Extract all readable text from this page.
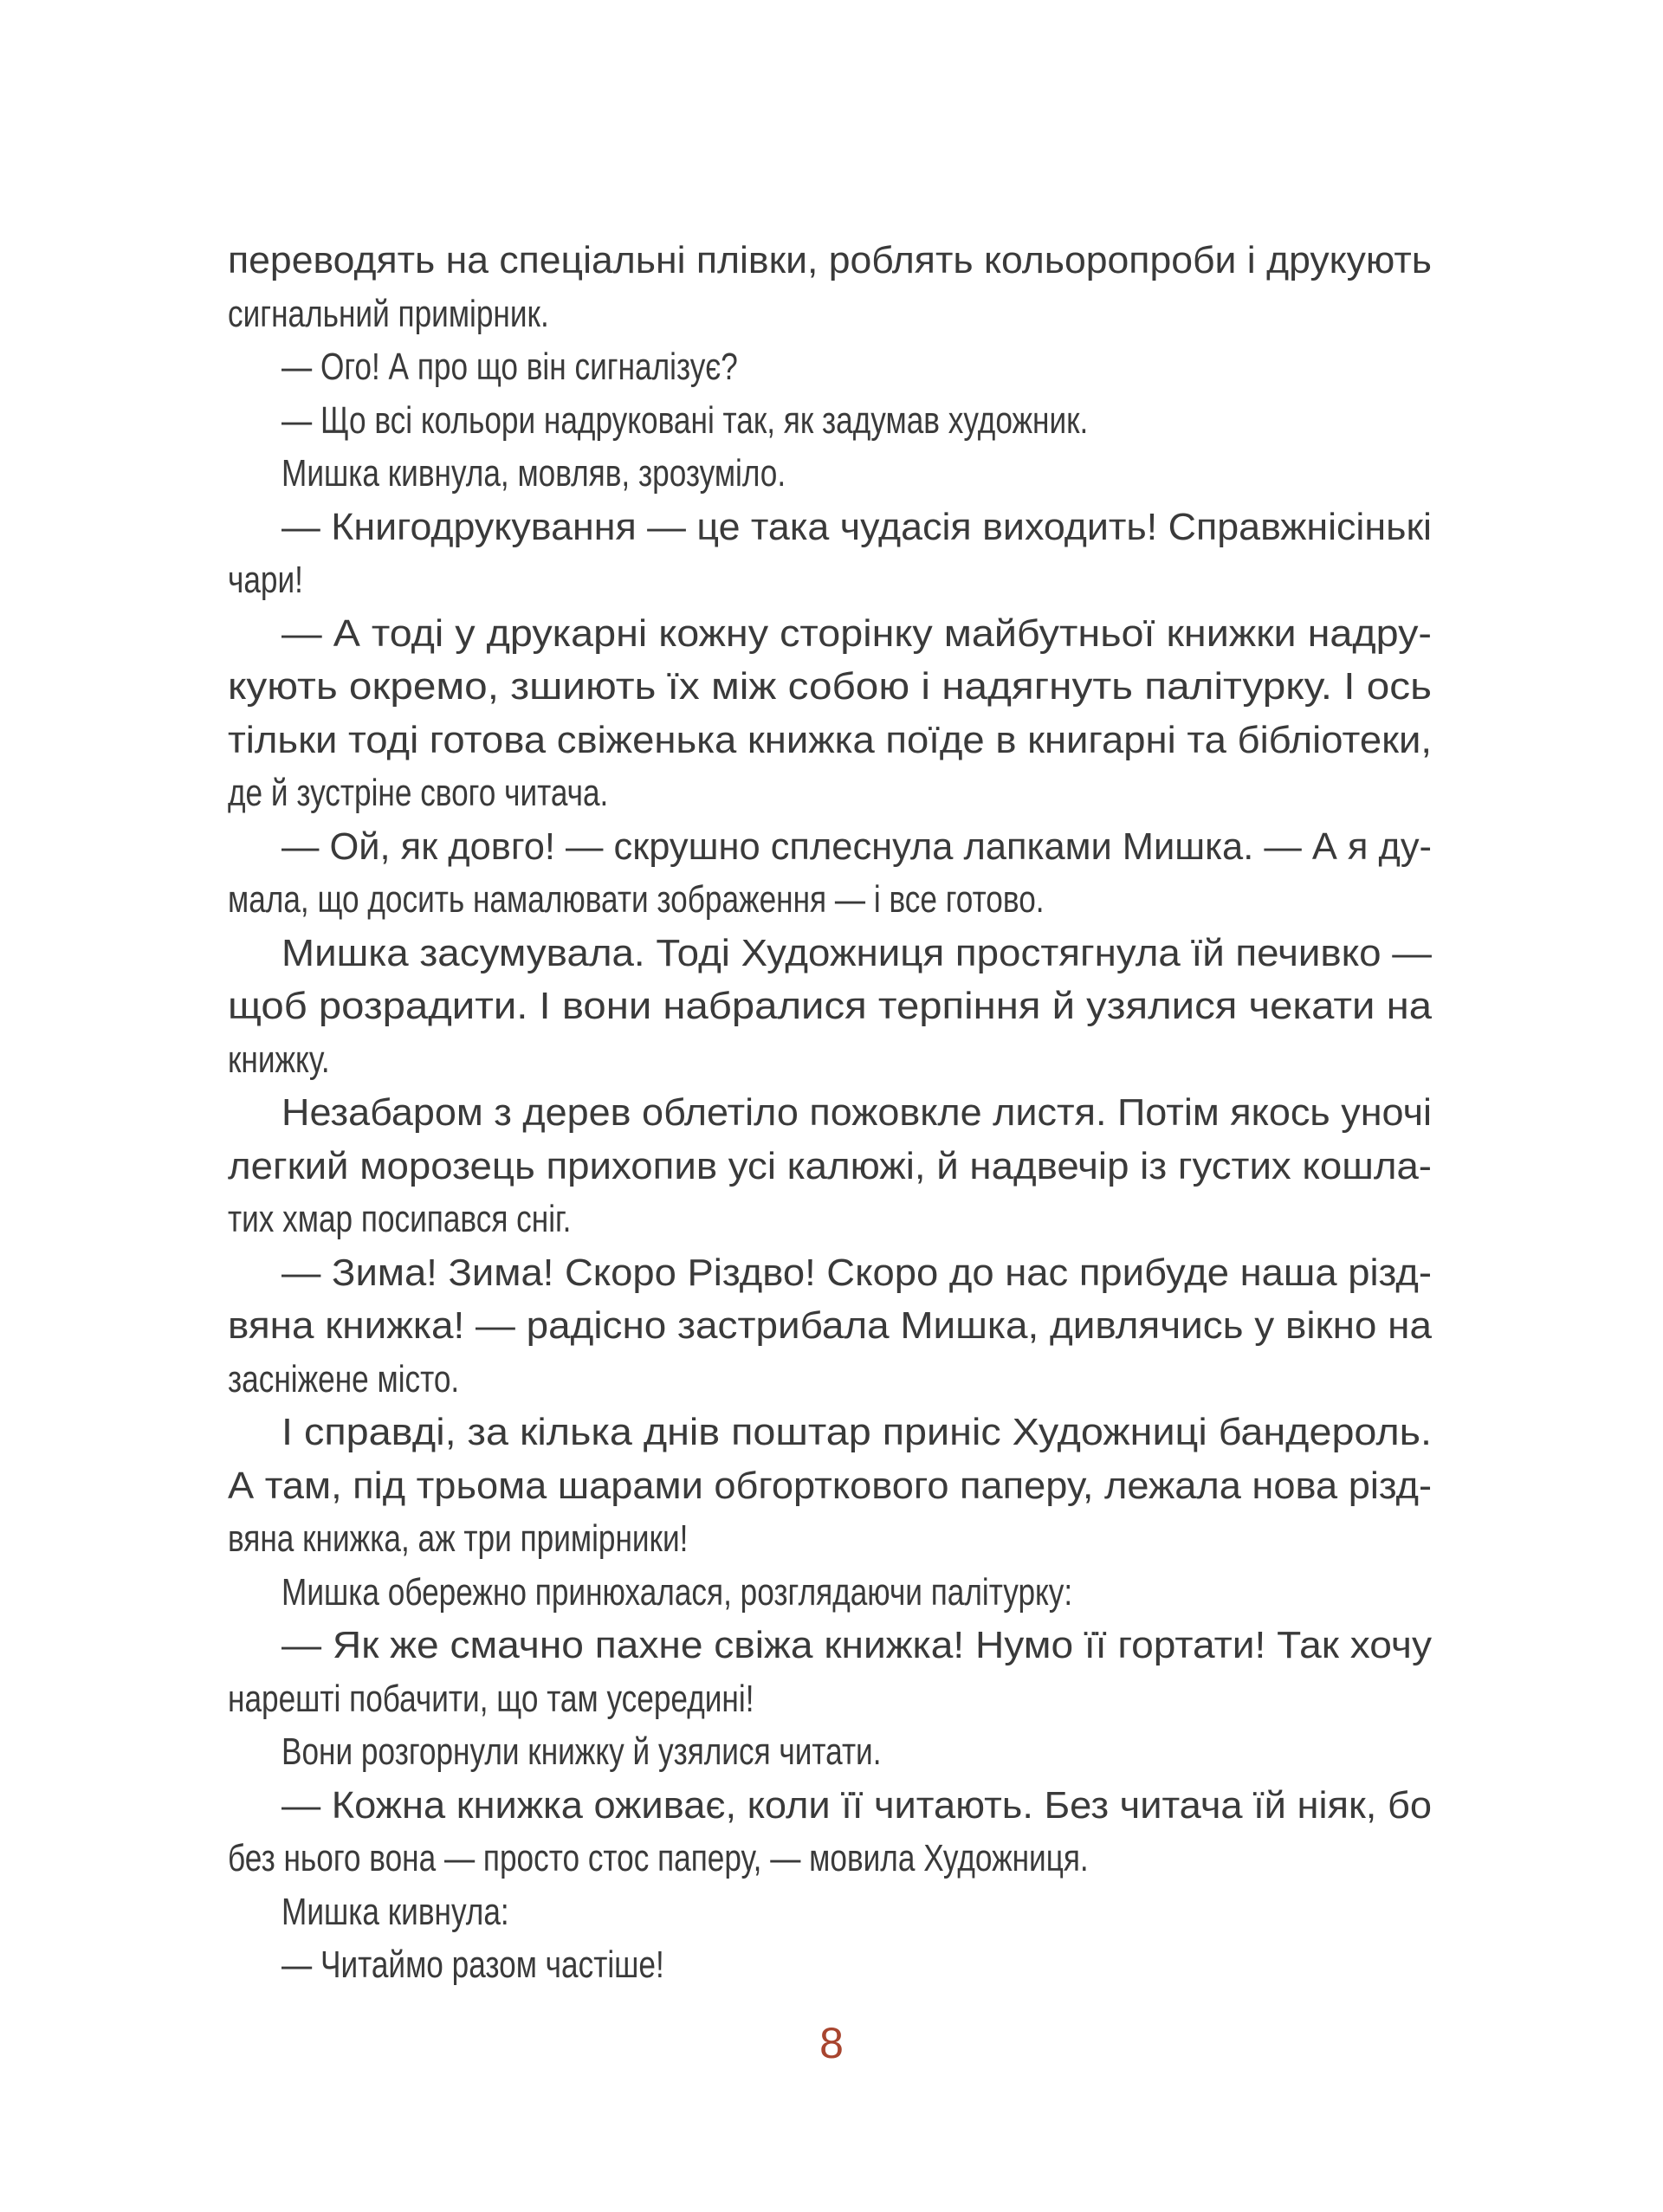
переводять на спеціальні плівки, роблять кольоропроби і друкують
сигнальний примірник.
— Ого! А про що він сигналізує?
— Що всі кольори надруковані так, як задумав художник.
Мишка кивнула, мовляв, зрозуміло.
— Книгодрукування — це така чудасія виходить! Справжнісінькі
чари!
— А тоді у друкарні кожну сторінку майбутньої книжки надру-
кують окремо, зшиють їх між собою і надягнуть палітурку. І ось
тільки тоді готова свіженька книжка поїде в книгарні та бібліотеки,
де й зустріне свого читача.
— Ой, як довго! — скрушно сплеснула лапками Мишка. — А я ду-
мала, що досить намалювати зображення — і все готово.
Мишка засумувала. Тоді Художниця простягнула їй печивко —
щоб розрадити. І вони набралися терпіння й узялися чекати на
книжку.
Незабаром з дерев облетіло пожовкле листя. Потім якось уночі
легкий морозець прихопив усі калюжі, й надвечір із густих кошла-
тих хмар посипався сніг.
— Зима! Зима! Скоро Різдво! Скоро до нас прибуде наша різд-
вяна книжка! — радісно застрибала Мишка, дивлячись у вікно на
засніжене місто.
І справді, за кілька днів поштар приніс Художниці бандероль.
А там, під трьома шарами обгорткового паперу, лежала нова різд-
вяна книжка, аж три примірники!
Мишка обережно принюхалася, розглядаючи палітурку:
— Як же смачно пахне свіжа книжка! Нумо її гортати! Так хочу
нарешті побачити, що там усередині!
Вони розгорнули книжку й узялися читати.
— Кожна книжка оживає, коли її читають. Без читача їй ніяк, бо
без нього вона — просто стос паперу, — мовила Художниця.
Мишка кивнула:
— Читаймо разом частіше!
8
